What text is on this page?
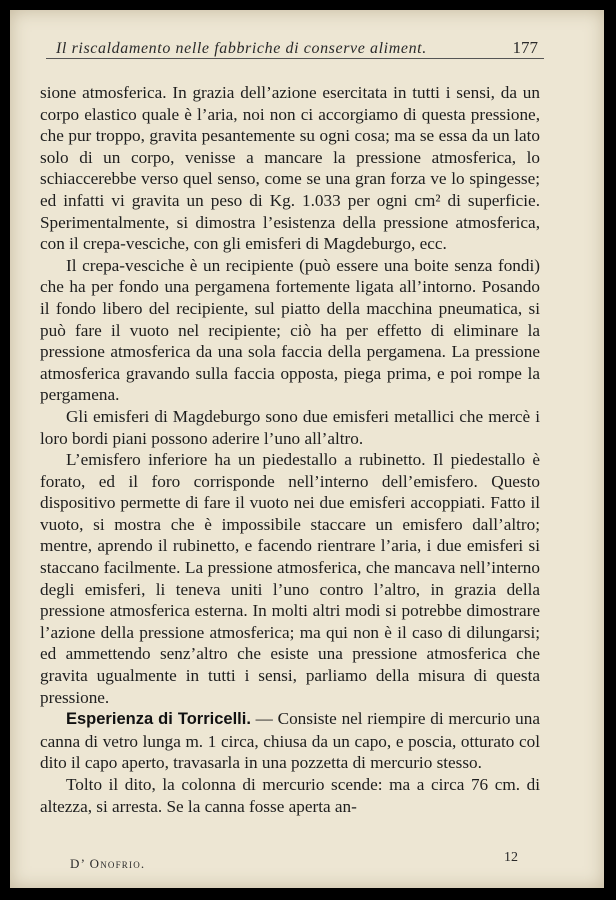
Il riscaldamento nelle fabbriche di conserve aliment.	177

sione atmosferica. In grazia dell’azione esercitata in tutti i sensi, da un corpo elastico quale è l’aria, noi non ci accorgiamo di questa pressione, che pur troppo, gravita pesantemente su ogni cosa; ma se essa da un lato solo di un corpo, venisse a mancare la pressione atmosferica, lo schiaccerebbe verso quel senso, come se una gran forza ve lo spingesse; ed infatti vi gravita un peso di Kg. 1.033 per ogni cm² di superficie. Sperimentalmente, si dimostra l’esistenza della pressione atmosferica, con il crepa-vesciche, con gli emisferi di Magdeburgo, ecc.

Il crepa-vesciche è un recipiente (può essere una boite senza fondi) che ha per fondo una pergamena fortemente ligata all’intorno. Posando il fondo libero del recipiente, sul piatto della macchina pneumatica, si può fare il vuoto nel recipiente; ciò ha per effetto di eliminare la pressione atmosferica da una sola faccia della pergamena. La pressione atmosferica gravando sulla faccia opposta, piega prima, e poi rompe la pergamena.

Gli emisferi di Magdeburgo sono due emisferi metallici che mercè i loro bordi piani possono aderire l’uno all’altro.

L’emisfero inferiore ha un piedestallo a rubinetto. Il piedestallo è forato, ed il foro corrisponde nell’interno dell’emisfero. Questo dispositivo permette di fare il vuoto nei due emisferi accoppiati. Fatto il vuoto, si mostra che è impossibile staccare un emisfero dall’altro; mentre, aprendo il rubinetto, e facendo rientrare l’aria, i due emisferi si staccano facilmente. La pressione atmosferica, che mancava nell’interno degli emisferi, li teneva uniti l’uno contro l’altro, in grazia della pressione atmosferica esterna. In molti altri modi si potrebbe dimostrare l’azione della pressione atmosferica; ma qui non è il caso di dilungarsi; ed ammettendo senz’altro che esiste una pressione atmosferica che gravita ugualmente in tutti i sensi, parliamo della misura di questa pressione.

Esperienza di Torricelli. — Consiste nel riempire di mercurio una canna di vetro lunga m. 1 circa, chiusa da un capo, e poscia, otturato col dito il capo aperto, travasarla in una pozzetta di mercurio stesso.

Tolto il dito, la colonna di mercurio scende: ma a circa 76 cm. di altezza, si arresta. Se la canna fosse aperta an-

D’ Onofrio.	12
